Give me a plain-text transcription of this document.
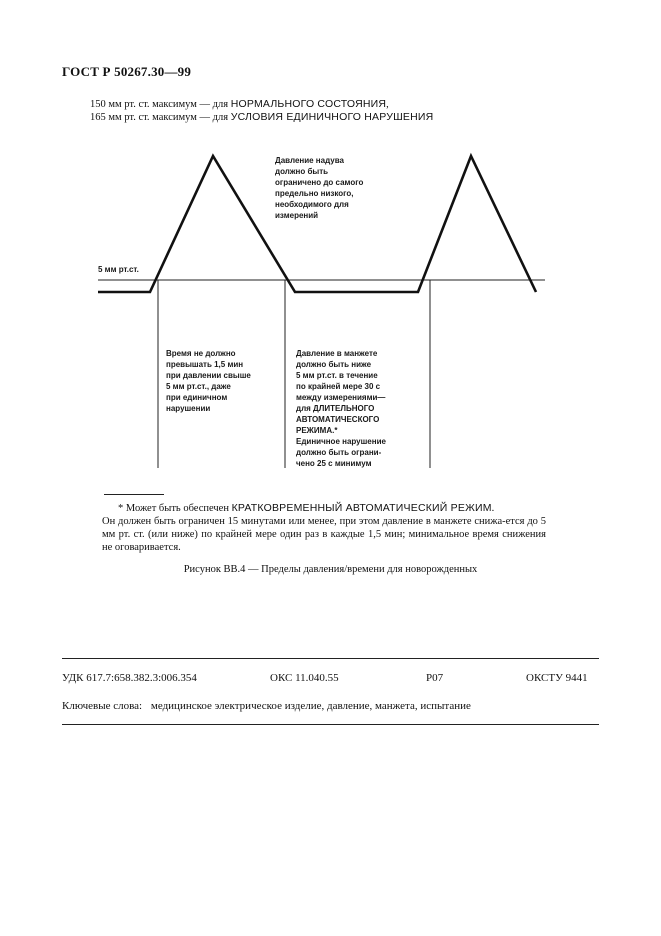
ГОСТ Р 50267.30—99
150 мм рт. ст. максимум — для НОРМАЛЬНОГО СОСТОЯНИЯ,
165 мм рт. ст. максимум — для УСЛОВИЯ ЕДИНИЧНОГО НАРУШЕНИЯ
5 мм рт.ст.
Давление надува
должно быть
ограничено до самого
предельно низкого,
необходимого для
измерений
Время не должно
превышать 1,5 мин
при давлении свыше
5 мм рт.ст., даже
при единичном
нарушении
Давление в манжете
должно быть ниже
5 мм рт.ст. в течение
по крайней мере 30 с
между измерениями—
для ДЛИТЕЛЬНОГО
АВТОМАТИЧЕСКОГО
РЕЖИМА.*
Единичное нарушение
должно быть ограни-
чено 25 с минимум
* Может быть обеспечен КРАТКОВРЕМЕННЫЙ АВТОМАТИЧЕСКИЙ РЕЖИМ.
Он должен быть ограничен 15 минутами или менее, при этом давление в манжете снижа-ется до 5 мм рт. ст. (или ниже) по крайней мере один раз в каждые 1,5 мин; минимальное время снижения не оговаривается.
Рисунок ВВ.4 — Пределы давления/времени для новорожденных
УДК 617.7:658.382.3:006.354	ОКС 11.040.55	Р07	ОКСТУ 9441
Ключевые слова: медицинское электрическое изделие, давление, манжета, испытание
